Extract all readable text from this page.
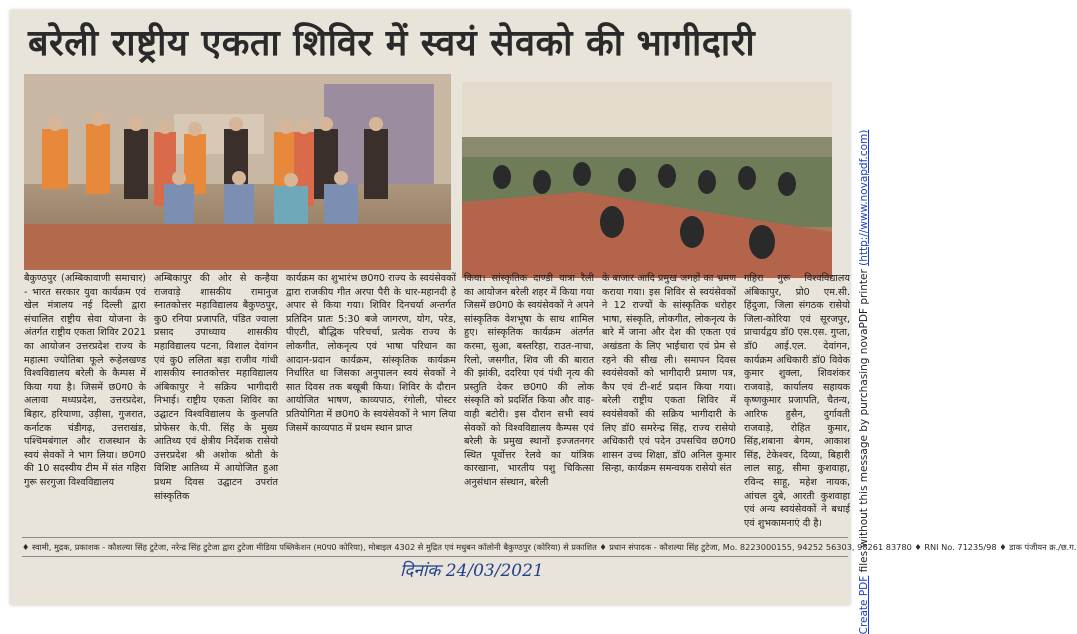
बरेली राष्ट्रीय एकता शिविर में स्वयं सेवको की भागीदारी
बैकुण्ठपुर (अम्बिकावाणी समाचार) - भारत सरकार युवा कार्यक्रम एवं खेल मंत्रालय नई दिल्ली द्वारा संचालित राष्ट्रीय सेवा योजना के अंतर्गत राष्ट्रीय एकता शिविर 2021 का आयोजन उत्तरप्रदेश राज्य के महात्मा ज्योतिबा फूले रूहेलखण्ड विश्वविद्यालय बरेली के कैम्पस में किया गया है। जिसमें छ0ग0 के अलावा मध्यप्रदेश, उत्तरप्रदेश, बिहार, हरियाणा, उड़ीसा, गुजरात, कर्नाटक चंडीगढ़, उत्तराखंड, पश्चिमबंगाल और राजस्थान के स्वयं सेवकों ने भाग लिया। छ0ग0 की 10 सदस्यीय टीम में संत गहिरा गुरू सरगुजा विश्वविद्यालय
अम्बिकापुर की ओर से कन्हैया राजवाड़े शासकीय रामानुज स्नातकोत्तर महाविद्यालय बैकुण्ठपुर, कु0 रनिया प्रजापति, पंडित ज्वाला प्रसाद उपाध्याय शासकीय महाविद्यालय पटना, विशाल देवांगन एवं कु0 ललिता बड़ा राजीव गांधी शासकीय स्नातकोत्तर महाविद्यालय अंबिकापुर ने सक्रिय भागीदारी निभाई। राष्ट्रीय एकता शिविर का उद्घाटन विश्वविद्यालय के कुलपति प्रोफेसर के.पी. सिंह के मुख्य आतिथ्य एवं क्षेत्रीय निर्देशक रासेयो उत्तरप्रदेश श्री अशोक श्रोती के विशिष्ट आतिथ्य में आयोजित हुआ प्रथम दिवस उद्घाटन उपरांत सांस्कृतिक
कार्यक्रम का शुभारंभ छ0ग0 राज्य के स्वयंसेवकों द्वारा राजकीय गीत अरपा पैरी के धार-महानदी हे अपार से किया गया। शिविर दिनचर्या अन्तर्गत प्रतिदिन प्रातः 5:30 बजे जागरण, योग, परेड, पीएटी, बौद्धिक परिचर्चा, प्रत्येक राज्य के लोकगीत, लोकनृत्य एवं भाषा परिधान का आदान-प्रदान कार्यक्रम, सांस्कृतिक कार्यक्रम निर्धारित था जिसका अनुपालन स्वयं सेवकों ने सात दिवस तक बखूबी किया। शिविर के दौरान आयोजित भाषण, काव्यपाठ, रंगोली, पोस्टर प्रतियोगिता में छ0ग0 के स्वयंसेवकों ने भाग लिया जिसमें काव्यपाठ में प्रथम स्थान प्राप्त
किया। सांस्कृतिक दाण्डी यात्रा रैली का आयोजन बरेली शहर में किया गया जिसमें छ0ग0 के स्वयंसेवकों ने अपने सांस्कृतिक वेशभूषा के साथ शामिल हुए। सांस्कृतिक कार्यक्रम अंतर्गत करमा, सुआ, बस्तरिहा, राउत-नाचा, रिलो, जसगीत, शिव जी की बारात की झांकी, ददरिया एवं पंथी नृत्य की प्रस्तुति देकर छ0ग0 की लोक संस्कृति को प्रदर्शित किया और वाह-वाही बटोरी। इस दौरान सभी स्वयं सेवकों को विश्वविद्यालय कैम्पस एवं बरेली के प्रमुख स्थानों इज्जतनगर स्थित पूर्वोत्तर रेलवे का यांत्रिक कारखाना, भारतीय पशु चिकित्सा अनुसंधान संस्थान, बरेली
के बाजार आदि प्रमुख जगहों का भ्रमण कराया गया। इस शिविर से स्वयंसेवकों ने 12 राज्यों के सांस्कृतिक धरोहर भाषा, संस्कृति, लोकगीत, लोकनृत्य के बारे में जाना और देश की एकता एवं अखंडता के लिए भाईचारा एवं प्रेम से रहने की सीख ली। समापन दिवस स्वयंसेवकों को भागीदारी प्रमाण पत्र, कैप एवं टी-शर्ट प्रदान किया गया। बरेली राष्ट्रीय एकता शिविर में स्वयंसेवकों की सक्रिय भागीदारी के लिए डॉ0 समरेन्द्र सिंह, राज्य रासेयो अधिकारी एवं पदेन उपसचिव छ0ग0 शासन उच्च शिक्षा, डॉ0 अनिल कुमार सिन्हा, कार्यक्रम समन्वयक रासेयो संत
गहिरा गुरू विश्वविद्यालय अंबिकापुर, प्रो0 एम.सी. हिंदुजा, जिला संगठक रासेयो जिला-कोरिया एवं सूरजपुर, प्राचार्यद्वय डॉ0 एस.एस. गुप्ता, डॉ0 आई.एल. देवांगन, कार्यक्रम अधिकारी डॉ0 विवेक कुमार शुक्ला, शिवशंकर राजवाड़े, कार्यालय सहायक कृष्णकुमार प्रजापति, चैतन्य, आरिफ हुसैन, दुर्गावती राजवाड़े, रोहित कुमार, सिंह,शबाना बेगम, आकाश सिंह, टेकेश्वर, दिव्या, बिहारी लाल साहू, सीमा कुशवाहा, रविन्द साहू, महेश नायक, आंचल दुबे, आरती कुशवाहा एवं अन्य स्वयंसेवकों ने बधाई एवं शुभकामनाएं दी है।
♦ स्वामी, मुद्रक, प्रकाशक - कौशल्या सिंह टुटेजा, नरेन्द्र सिंह टुटेजा द्वारा टुटेजा मीडिया पब्लिकेशन (म0प0 कोरिया), मोबाइल 4302 से मुद्रित एवं मधुबन कॉलोनी बैकुण्ठपुर (कोरिया) से प्रकाशित ♦ प्रधान संपादक - कौशल्या सिंह टुटेजा, Mo. 8223000155, 94252 56303, 98261 83780 ♦ RNI No. 71235/98 ♦ डाक पंजीयन क्र./छ.ग.
दिनांक 24/03/2021
Create PDF files without this message by purchasing novaPDF printer (http://www.novapdf.com)
